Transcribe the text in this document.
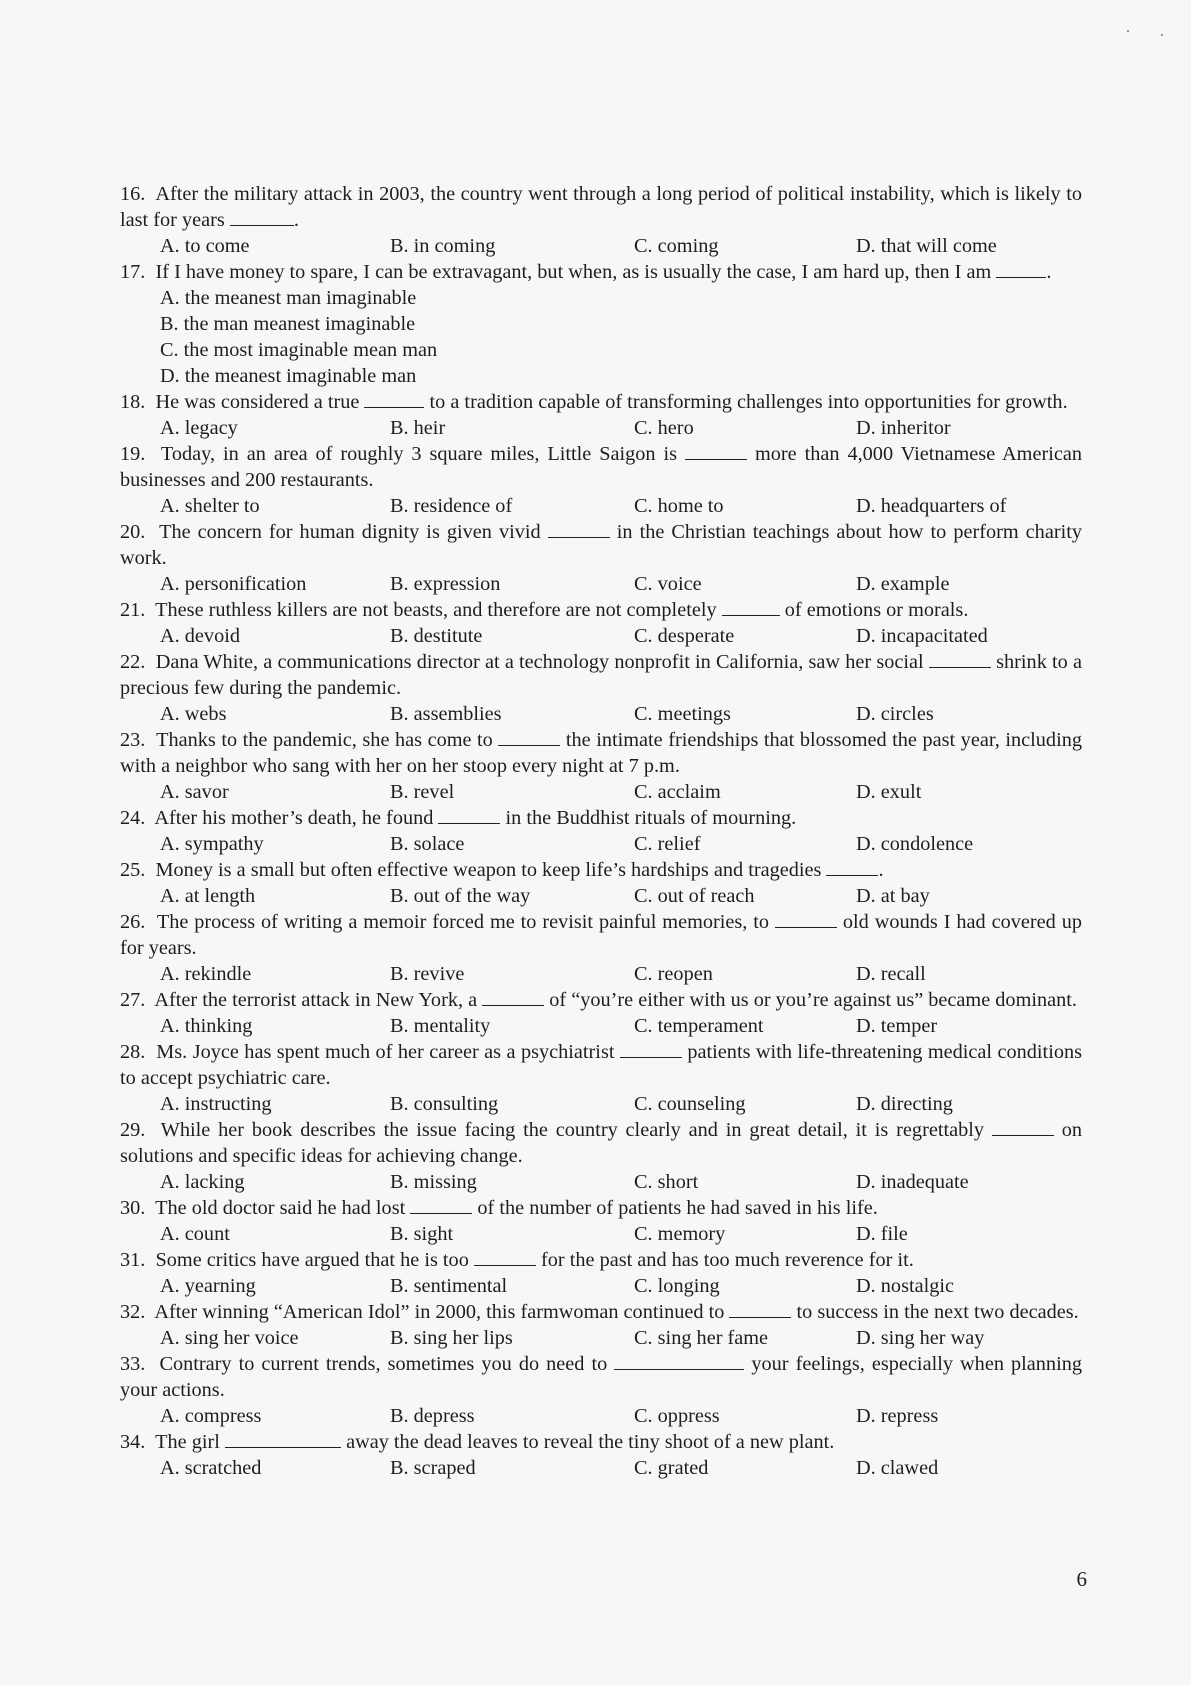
16. After the military attack in 2003, the country went through a long period of political instability, which is likely to last for years	.
A. to come	B. in coming	C. coming	D. that will come
17. If I have money to spare, I can be extravagant, but when, as is usually the case, I am hard up, then I am	.
A. the meanest man imaginable
B. the man meanest imaginable
C. the most imaginable mean man
D. the meanest imaginable man
18. He was considered a true	to a tradition capable of transforming challenges into opportunities for growth.
A. legacy	B. heir	C. hero	D. inheritor
19. Today, in an area of roughly 3 square miles, Little Saigon is	more than 4,000 Vietnamese American businesses and 200 restaurants.
A. shelter to	B. residence of	C. home to	D. headquarters of
20. The concern for human dignity is given vivid	in the Christian teachings about how to perform charity work.
A. personification	B. expression	C. voice	D. example
21. These ruthless killers are not beasts, and therefore are not completely	of emotions or morals.
A. devoid	B. destitute	C. desperate	D. incapacitated
22. Dana White, a communications director at a technology nonprofit in California, saw her social	shrink to a precious few during the pandemic.
A. webs	B. assemblies	C. meetings	D. circles
23. Thanks to the pandemic, she has come to	the intimate friendships that blossomed the past year, including with a neighbor who sang with her on her stoop every night at 7 p.m.
A. savor	B. revel	C. acclaim	D. exult
24. After his mother’s death, he found	in the Buddhist rituals of mourning.
A. sympathy	B. solace	C. relief	D. condolence
25. Money is a small but often effective weapon to keep life’s hardships and tragedies	.
A. at length	B. out of the way	C. out of reach	D. at bay
26. The process of writing a memoir forced me to revisit painful memories, to	old wounds I had covered up for years.
A. rekindle	B. revive	C. reopen	D. recall
27. After the terrorist attack in New York, a	of “you’re either with us or you’re against us” became dominant.
A. thinking	B. mentality	C. temperament	D. temper
28. Ms. Joyce has spent much of her career as a psychiatrist	patients with life-threatening medical conditions to accept psychiatric care.
A. instructing	B. consulting	C. counseling	D. directing
29. While her book describes the issue facing the country clearly and in great detail, it is regrettably	on solutions and specific ideas for achieving change.
A. lacking	B. missing	C. short	D. inadequate
30. The old doctor said he had lost	of the number of patients he had saved in his life.
A. count	B. sight	C. memory	D. file
31. Some critics have argued that he is too	for the past and has too much reverence for it.
A. yearning	B. sentimental	C. longing	D. nostalgic
32. After winning “American Idol” in 2000, this farmwoman continued to	to success in the next two decades.
A. sing her voice	B. sing her lips	C. sing her fame	D. sing her way
33. Contrary to current trends, sometimes you do need to	your feelings, especially when planning your actions.
A. compress	B. depress	C. oppress	D. repress
34. The girl	away the dead leaves to reveal the tiny shoot of a new plant.
A. scratched	B. scraped	C. grated	D. clawed
6
